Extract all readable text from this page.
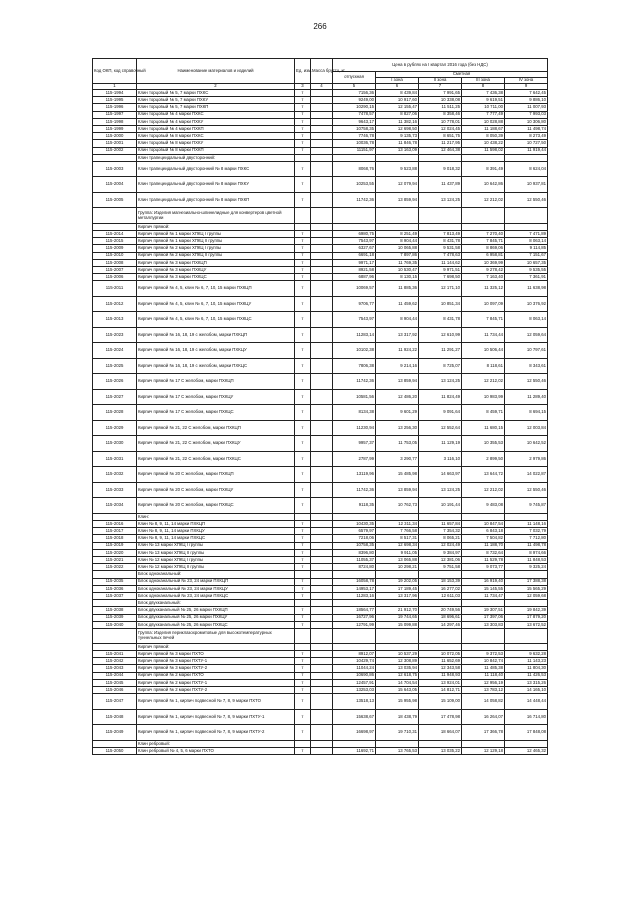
266
Код ОКП, код справочный	Наименование материалов и изделий	Ед. изм.	Масса брутто, кг	Цена в рублях на I квартал 2016 года (без НДС)				
				отпускная	Сметная			
					I зона	II зона	III зона	IV зона
1	2	3	4	5	6	7	8	9
115-1994	Клин торцовый № 5, 7 марки ПХКС	т		7156,36	8 439,84	7 991,65	7 436,38	7 642,45
115-1995	Клин торцовый № 5, 7 марки ПХКУ	т		9249,00	10 917,60	10 338,08	9 619,51	9 886,10
115-1996	Клин торцовый № 5, 7 марки ПХКП	т		10290,15	12 155,47	11 511,25	10 711,00	11 007,93
115-1997	Клин торцовый № 4 марки ПХКС	т		7478,57	8 827,06	8 358,46	7 777,49	7 993,03
115-1998	Клин торцовый № 4 марки ПХКУ	т		9643,17	11 382,16	10 778,01	10 028,88	10 306,80
115-1999	Клин торцовый № 4 марки ПХКП	т		10758,35	12 698,50	12 024,45	11 188,67	11 498,74
115-2000	Клин торцовый № 8 марки ПХКС	т		7746,78	9 135,73	8 651,75	8 050,39	8 273,49
115-2001	Клин торцовый № 8 марки ПХКУ	т		10036,78	11 846,78	11 217,95	10 438,22	10 727,50
115-2002	Клин торцовый № 8 марки ПХКП	т		11151,97	13 163,09	12 464,38	11 598,02	11 919,44
	Клин трапецеидальный двусторонний:							
115-2003	Клин трапецеидальный двусторонний № 8 марки ПХКС	т		8068,76	9 523,88	9 018,32	8 391,49	8 624,04
115-2004	Клин трапецеидальный двусторонний № 8 марки ПХКУ	т		10253,55	12 079,94	11 437,89	10 642,86	10 937,81
115-2005	Клин трапецеидальный двусторонний № 8 марки ПХКП	т		11742,36	13 859,94	13 124,25	12 212,02	12 550,46
	Группа: Изделия магнезиально-шпинелидные для конвертеров цветной металлургии							
	Кирпич прямой:							
115-2014	Кирпич прямой № 1 марки ХПКЦ I группы	т		6980,75	8 251,49	7 813,49	7 270,40	7 471,89
115-2015	Кирпич прямой № 1 марки ХПКЦ II группы	т		7543,97	8 904,44	8 431,78	7 845,71	8 063,14
115-2009	Кирпич прямой № 2 марки ХПКЦ I группы	т		6327,67	10 065,88	9 531,58	8 869,06	9 114,85
115-2010	Кирпич прямой № 2 марки ХПКЦ II группы	т		6691,18	7 897,86	7 478,63	6 958,81	7 151,67
115-2008	Кирпич прямой № 3 марки ПХКЦП	т		9971,17	11 769,35	11 144,62	10 369,99	10 657,35
115-2007	Кирпич прямой № 3 марки ПХКЦУ	т		8921,58	10 530,47	9 971,51	9 278,42	9 535,55
115-2006	Кирпич прямой № 3 марки ПХКЦС	т		6887,96	8 130,15	7 698,50	7 163,40	7 361,91
115-2011	Кирпич прямой № 4, 5, клин № 6, 7, 10, 15 марки ПХКЦП	т		10069,57	11 885,36	12 171,10	11 325,12	11 638,98
115-2012	Кирпич прямой № 4, 5, клин № 6, 7, 10, 15 марки ПХКЦУ	т		9706,77	11 459,62	10 851,34	10 097,09	10 376,92
115-2013	Кирпич прямой № 4, 5, клин № 6, 7, 10, 15 марки ПХКЦС	т		7543,97	8 904,44	8 431,78	7 845,71	8 063,14
115-2023	Кирпич прямой № 16, 18, 19 с желобом, марки ПХКЦП	т		11283,14	13 317,92	12 610,99	11 734,44	12 059,64
115-2024	Кирпич прямой № 16, 18, 19 с желобом, марки ПХКЦУ	т		10102,38	11 924,22	11 291,27	10 506,44	10 797,61
115-2025	Кирпич прямой № 16, 18, 19 с желобом, марки ПХКЦС	т		7806,38	9 214,16	8 725,07	8 118,61	8 343,61
115-2026	Кирпич прямой № 17 С желобом, марки ПХКЦП	т		11742,36	13 859,94	13 124,25	12 212,02	12 550,46
115-2027	Кирпич прямой № 17 С желобом, марки ПХКЦУ	т		10581,56	12 486,20	11 824,49	10 983,99	11 289,40
115-2028	Кирпич прямой № 17 С желобом, марки ПХКЦС	т		8134,38	9 601,29	9 091,64	8 459,71	8 694,15
115-2029	Кирпич прямой № 21, 22 С желобом, марки ПХКЦП	т		11230,94	13 256,30	12 552,64	11 680,15	12 003,84
115-2030	Кирпич прямой № 21, 22 С желобом, марки ПХКЦУ	т		9957,37	11 753,05	11 129,19	10 355,53	10 642,52
115-2031	Кирпич прямой № 21, 22 С желобом, марки ПХКЦС	т		2787,99	3 290,77	3 116,10	2 899,50	2 979,86
115-2032	Кирпич прямой № 20 С желобом, марки ПХКЦП	т		13119,96	15 485,98	14 663,97	13 644,72	14 022,87
115-2033	Кирпич прямой № 20 С желобом, марки ПХКЦУ	т		11742,36	13 859,94	13 124,25	12 212,02	12 550,46
115-2034	Кирпич прямой № 20 С желобом, марки ПХКЦС	т		9118,35	10 762,73	10 191,44	9 483,08	9 745,87
	Клин:							
115-2016	Клин № 8, 9, 11, 14 марки ПХКЦП	т		10430,35	12 311,34	11 657,84	10 847,54	11 148,16
115-2017	Клин № 8, 9, 11, 14 марки ПХКЦУ	т		6579,97	7 766,58	7 354,32	6 843,18	7 032,79
115-2018	Клин № 8, 9, 11, 14 марки ПХКЦС	т		7218,06	8 517,31	8 065,21	7 504,82	7 712,80
115-2019	Клин № 13 марки ХПКЦ I группы	т		10758,35	12 698,34	12 024,49	11 188,70	11 498,78
115-2020	Клин № 13 марки ХПКЦ II группы	т		8396,80	9 911,05	9 384,97	8 732,64	8 974,66
115-2021	Клин № 12 марки ХПКЦ I группы	т		11055,37	13 065,88	12 381,06	11 529,78	11 848,53
115-2022	Клин № 12 марки ХПКЦ II группы	т		8724,80	10 298,21	9 751,58	9 073,77	9 325,24
	Блок одноканальный:							
115-2035	Блок одноканальный № 23, 24 марки ПХКЦП	т		16058,78	19 202,05	18 153,39	16 919,40	17 388,38
115-2036	Блок одноканальный № 23, 24 марки ПХКЦУ	т		14953,17	17 189,45	16 277,02	15 145,55	15 565,29
115-2037	Блок одноканальный № 23, 24 марки ПХКЦС	т		11283,16	13 317,96	12 611,03	11 734,47	12 059,68
	Блок двухканальный:							
115-2038	Блок двухканальный № 25, 26 марки ПХКЦП	т		18564,77	21 912,70	20 749,56	19 307,51	19 842,39
115-2039	Блок двухканальный № 25, 26 марки ПХКЦУ	т		16727,96	19 744,65	18 696,61	17 397,06	17 879,20
115-2040	Блок двухканальный № 25, 26 марки ПХКЦС	т		12791,99	15 099,88	14 297,46	13 303,83	13 672,52
	Группа: Изделия периклазохромитовые для высокотемпературных туннельных печей							
	Кирпич прямой:							
115-2041	Кирпич прямой № 3 марки ПХТО	т		8912,07	10 537,29	10 072,05	9 372,53	9 632,28
115-2042	Кирпич прямой № 3 марки ПХТУ-1	т		10429,74	12 308,89	11 652,69	10 842,74	11 143,23
115-2043	Кирпич прямой № 3 марки ПХТУ-2	т		11044,24	13 035,94	12 343,58	11 485,38	11 804,30
115-2044	Кирпич прямой № 2 марки ПХТО	т		10690,86	12 618,75	11 948,93	11 118,40	11 426,53
115-2045	Кирпич прямой № 2 марки ПХТУ-1	т		12457,91	14 704,54	13 924,01	12 956,19	13 315,26
115-2046	Кирпич прямой № 2 марки ПХТУ-2	т		13253,03	15 643,05	14 812,71	13 783,12	14 165,10
115-2047	Кирпич прямой № 1, кирпич подвесной № 7, 8, 9 марки ПХТО	т		13518,13	15 955,98	15 109,00	14 058,82	14 448,44
115-2048	Кирпич прямой № 1, кирпич подвесной № 7, 8, 9 марки ПХТУ-1	т		15638,67	18 438,79	17 478,98	16 264,07	16 714,80
115-2049	Кирпич прямой № 1, кирпич подвесной № 7, 8, 9 марки ПХТУ-2	т		16698,97	19 710,31	18 664,07	17 366,78	17 848,08
	Клин ребровый:							
115-2050	Клин ребровый № 4, 5, 6 марки ПХТО	т		11692,71	13 765,53	13 035,22	12 129,18	12 465,32
